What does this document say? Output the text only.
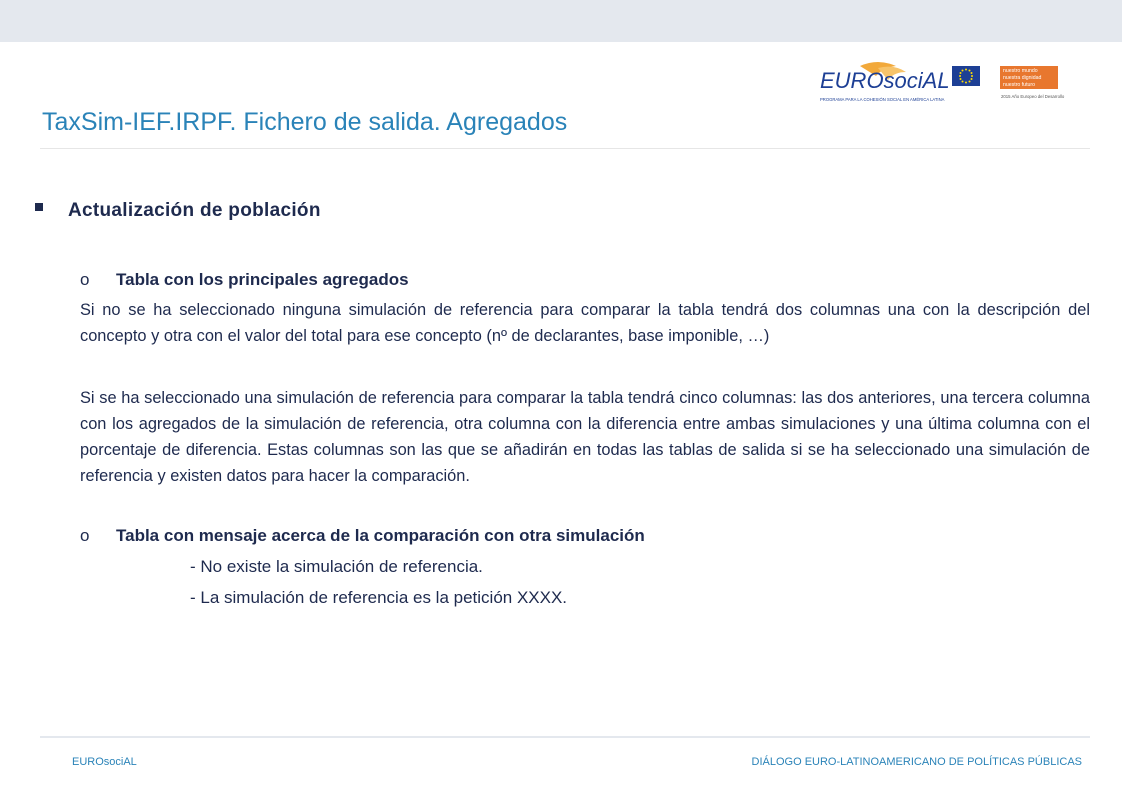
EUROsociAL
PROGRAMA PARA LA COHESIÓN SOCIAL EN AMÉRICA LATINA
nuestro mundo
nuestra dignidad
nuestro futuro
2015 Año Europeo del Desarrollo
TaxSim-IEF.IRPF. Fichero de salida. Agregados
Actualización de población
o Tabla con los principales agregados
Si no se ha seleccionado ninguna simulación de referencia para comparar la tabla tendrá dos columnas una con la descripción del concepto y otra con el valor del total para ese concepto (nº de declarantes, base imponible, …)
Si se ha seleccionado una simulación de referencia para comparar la tabla tendrá cinco columnas: las dos anteriores, una tercera columna con los agregados de la simulación de referencia, otra columna con la diferencia entre ambas simulaciones y una última columna con el porcentaje de diferencia. Estas columnas son las que se añadirán en todas las tablas de salida si se ha seleccionado una simulación de referencia y existen datos para hacer la comparación.
o Tabla con mensaje acerca de la comparación con otra simulación
- No existe la simulación de referencia.
- La simulación de referencia es la petición XXXX.
EUROsociAL	DIÁLOGO EURO-LATINOAMERICANO DE POLÍTICAS PÚBLICAS
